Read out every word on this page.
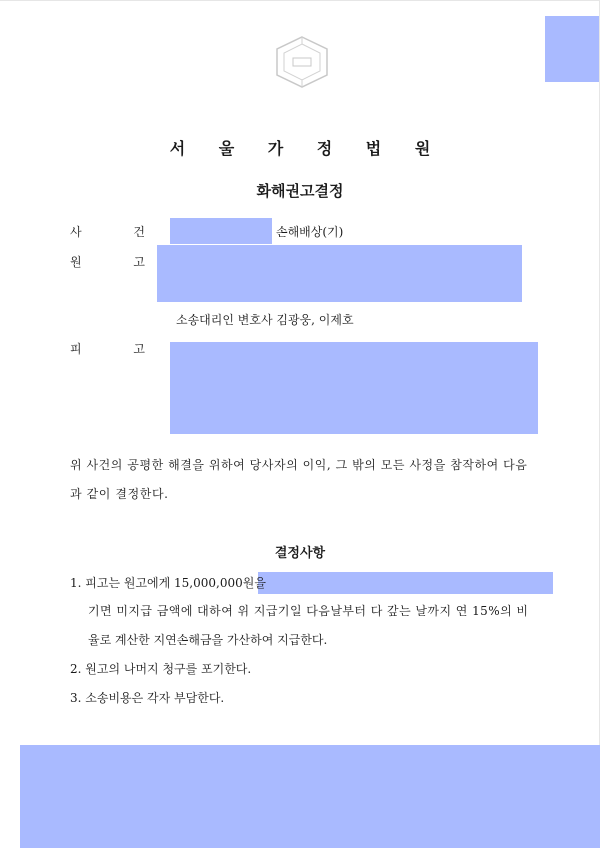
서 울 가 정 법 원
화해권고결정
사 건	손해배상(기)
원 고
소송대리인 변호사 김광웅, 이제호
피 고
위 사건의 공평한 해결을 위하여 당사자의 이익, 그 밖의 모든 사정을 참작하여 다음
과 같이 결정한다.
결정사항
1. 피고는 원고에게 15,000,000원을
기면 미지급 금액에 대하여 위 지급기일 다음날부터 다 갚는 날까지 연 15%의 비
율로 계산한 지연손해금을 가산하여 지급한다.
2. 원고의 나머지 청구를 포기한다.
3. 소송비용은 각자 부담한다.
